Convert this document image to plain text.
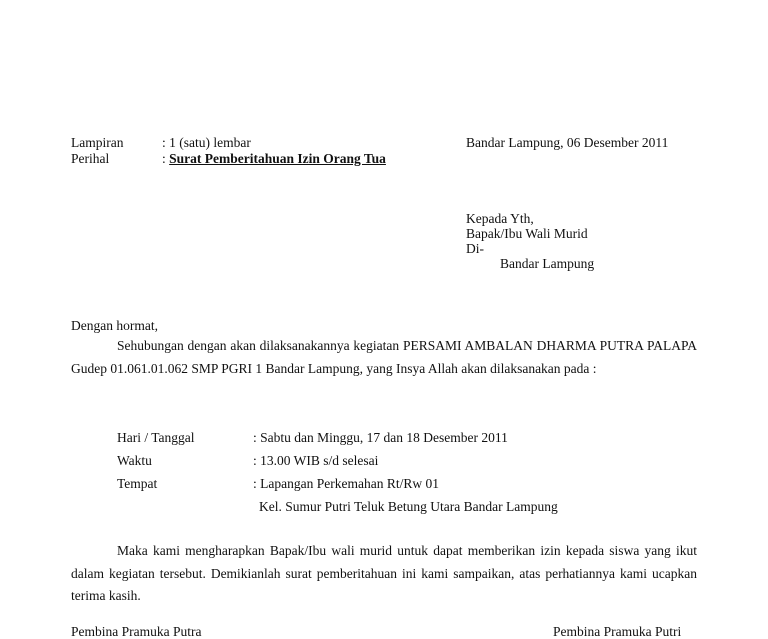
Lampiran	: 1 (satu) lembar
Perihal	: Surat Pemberitahuan Izin Orang Tua
Bandar Lampung, 06 Desember 2011
Kepada Yth,
Bapak/Ibu Wali Murid
Di-
Bandar Lampung
Dengan hormat,
Sehubungan dengan akan dilaksanakannya kegiatan PERSAMI AMBALAN DHARMA PUTRA PALAPA Gudep 01.061.01.062 SMP PGRI 1 Bandar Lampung, yang Insya Allah akan dilaksanakan pada :
Hari / Tanggal	: Sabtu dan Minggu, 17 dan 18 Desember 2011
Waktu	: 13.00 WIB s/d selesai
Tempat	: Lapangan Perkemahan Rt/Rw 01
Kel. Sumur Putri Teluk Betung Utara Bandar Lampung
Maka kami mengharapkan Bapak/Ibu wali murid untuk dapat memberikan izin kepada siswa yang ikut dalam kegiatan tersebut. Demikianlah surat pemberitahuan ini kami sampaikan, atas perhatiannya kami ucapkan terima kasih.
Pembina Pramuka Putra	Pembina Pramuka Putri
